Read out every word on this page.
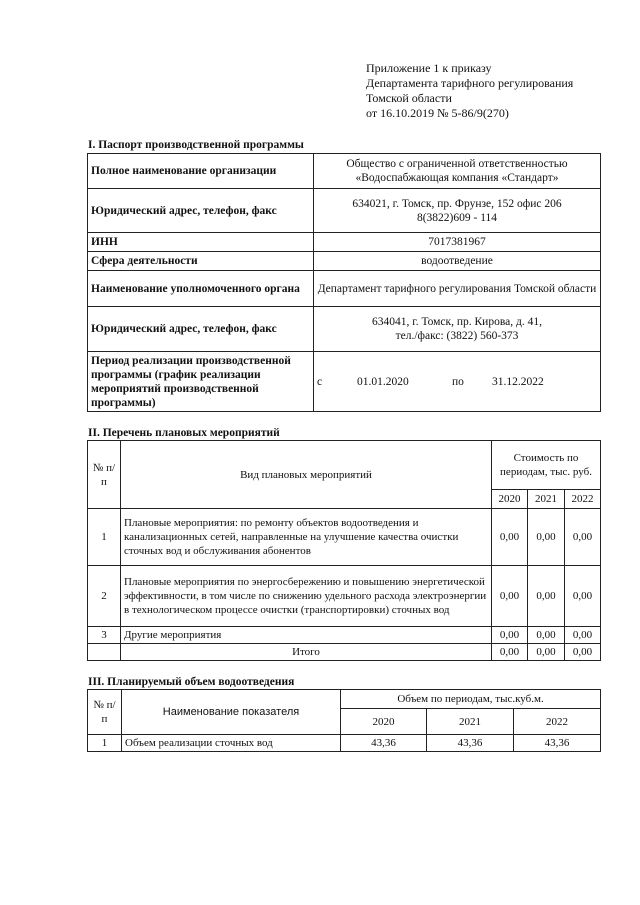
Приложение 1 к приказу
Департамента тарифного регулирования
Томской области
от 16.10.2019 № 5-86/9(270)
I. Паспорт производственной программы
Полное наименование организации	Общество с ограниченной ответственностью «Водоспабжающая компания «Стандарт»
Юридический адрес, телефон, факс	634021, г. Томск, пр. Фрунзе, 152 офис 206
8(3822)609 - 114

ИНН	7017381967
Сфера деятельности	водоотведение
Наименование уполномоченного органа	Департамент тарифного регулирования Томской области
Юридический адрес, телефон, факс	634041, г. Томск, пр. Кирова, д. 41,
тел./факс: (3822) 560-373

Период реализации производственной программы (график реализации мероприятий производственной программы)	с 01.01.2020 по 31.12.2022
II. Перечень плановых мероприятий
№ п/п	Вид плановых мероприятий	Стоимость по периодам, тыс. руб.		
		2020	2021	2022
1	Плановые мероприятия: по ремонту объектов водоотведения и канализационных сетей, направленные на улучшение качества очистки сточных вод и обслуживания абонентов	0,00	0,00	0,00
2	Плановые мероприятия по энергосбережению и повышению энергетической эффективности, в том числе по снижению удельного расхода электроэнергии в технологическом процессе очистки (транспортировки) сточных вод	0,00	0,00	0,00
3	Другие мероприятия	0,00	0,00	0,00
	Итого	0,00	0,00	0,00
III. Планируемый объем водоотведения
№ п/п	Наименование показателя	Объем по периодам, тыс.куб.м.		
		2020	2021	2022
1	Объем реализации сточных вод	43,36	43,36	43,36
